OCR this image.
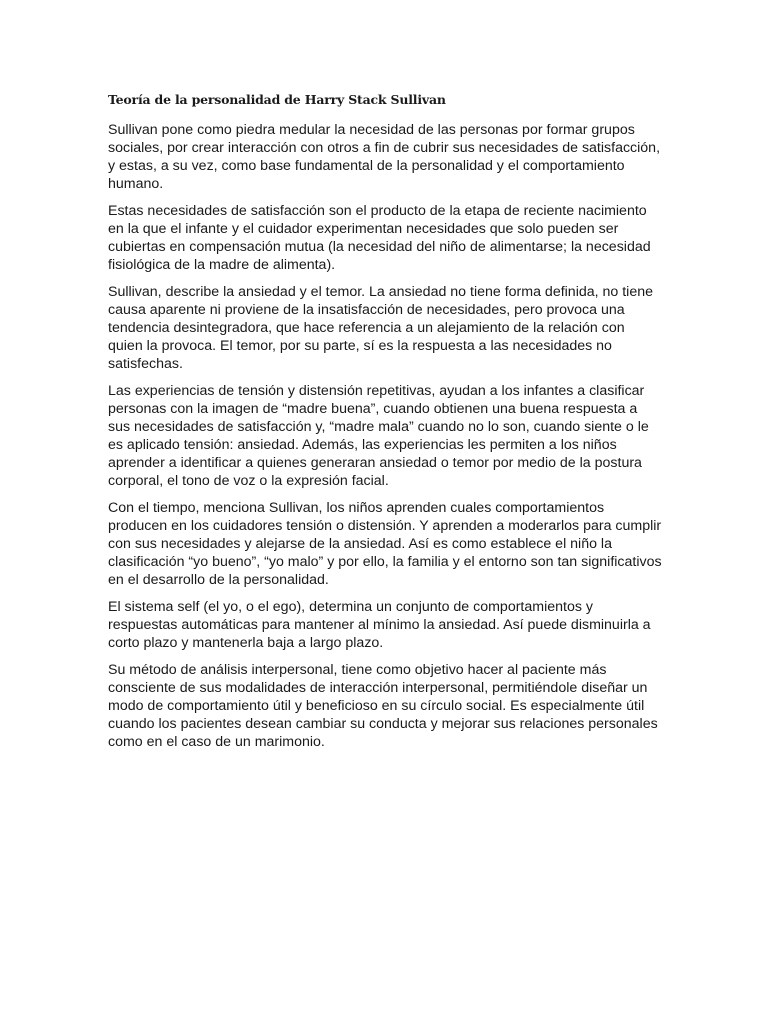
Teoría de la personalidad de Harry Stack Sullivan

Sullivan pone como piedra medular la necesidad de las personas por formar grupos sociales, por crear interacción con otros a fin de cubrir sus necesidades de satisfacción, y estas, a su vez, como base fundamental de la personalidad y el comportamiento humano.

Estas necesidades de satisfacción son el producto de la etapa de reciente nacimiento en la que el infante y el cuidador experimentan necesidades que solo pueden ser cubiertas en compensación mutua (la necesidad del niño de alimentarse; la necesidad fisiológica de la madre de alimenta).

Sullivan, describe la ansiedad y el temor. La ansiedad no tiene forma definida, no tiene causa aparente ni proviene de la insatisfacción de necesidades, pero provoca una tendencia desintegradora, que hace referencia a un alejamiento de la relación con quien la provoca. El temor, por su parte, sí es la respuesta a las necesidades no satisfechas.

Las experiencias de tensión y distensión repetitivas, ayudan a los infantes a clasificar personas con la imagen de “madre buena”, cuando obtienen una buena respuesta a sus necesidades de satisfacción y, “madre mala” cuando no lo son, cuando siente o le es aplicado tensión: ansiedad. Además, las experiencias les permiten a los niños aprender a identificar a quienes generaran ansiedad o temor por medio de la postura corporal, el tono de voz o la expresión facial.

Con el tiempo, menciona Sullivan, los niños aprenden cuales comportamientos producen en los cuidadores tensión o distensión. Y aprenden a moderarlos para cumplir con sus necesidades y alejarse de la ansiedad. Así es como establece el niño la clasificación “yo bueno”, “yo malo” y por ello, la familia y el entorno son tan significativos en el desarrollo de la personalidad.

El sistema self (el yo, o el ego), determina un conjunto de comportamientos y respuestas automáticas para mantener al mínimo la ansiedad. Así puede disminuirla a corto plazo y mantenerla baja a largo plazo.

Su método de análisis interpersonal, tiene como objetivo hacer al paciente más consciente de sus modalidades de interacción interpersonal, permitiéndole diseñar un modo de comportamiento útil y beneficioso en su círculo social. Es especialmente útil cuando los pacientes desean cambiar su conducta y mejorar sus relaciones personales como en el caso de un marimonio.
